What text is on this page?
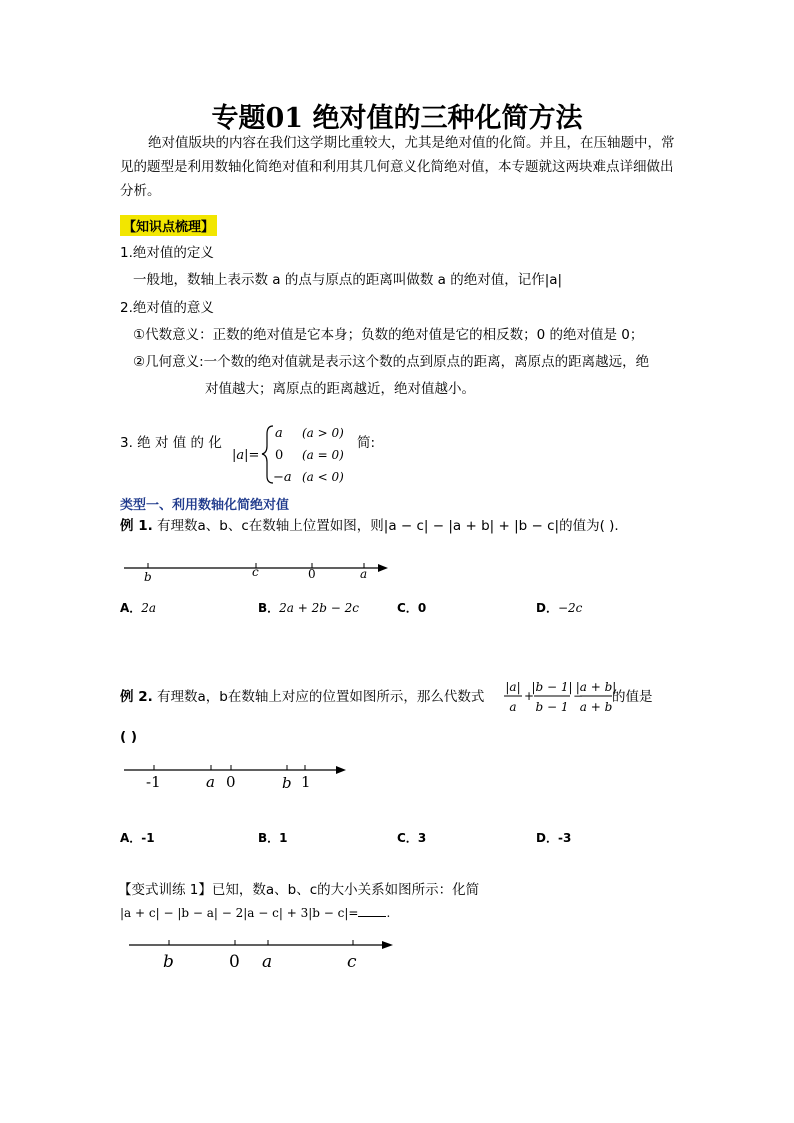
专题01 绝对值的三种化简方法
绝对值版块的内容在我们这学期比重较大，尤其是绝对值的化简。并且，在压轴题中，常见的题型是利用数轴化简绝对值和利用其几何意义化简绝对值，本专题就这两块难点详细做出分析。
【知识点梳理】
1.绝对值的定义
一般地，数轴上表示数 a 的点与原点的距离叫做数 a 的绝对值，记作|a|
2.绝对值的意义
①代数意义：正数的绝对值是它本身；负数的绝对值是它的相反数；0 的绝对值是 0；
②几何意义:一个数的绝对值就是表示这个数的点到原点的距离，离原点的距离越远，绝
对值越大；离原点的距离越近，绝对值越小。
3. 绝 对 值 的 化
|a|=
a (a > 0)
0 (a = 0)
−a (a < 0)
简:
类型一、利用数轴化简绝对值
例 1. 有理数a、b、c在数轴上位置如图，则|a − c| − |a + b| + |b − c|的值为( ).
b	c	0	a
A．2a	B．2a + 2b − 2c	C．0	D．−2c
例 2. 有理数a，b在数轴上对应的位置如图所示，那么代数式
|a|
a
+
|b − 1|
b − 1
−
|a + b|
a + b
的值是
( )
-1	a 0	b 1
A．-1	B．1	C．3	D．-3
【变式训练 1】已知，数a、b、c的大小关系如图所示：化简
|a + c| − |b − a| − 2|a − c| + 3|b − c|= .
b	0 a	c
